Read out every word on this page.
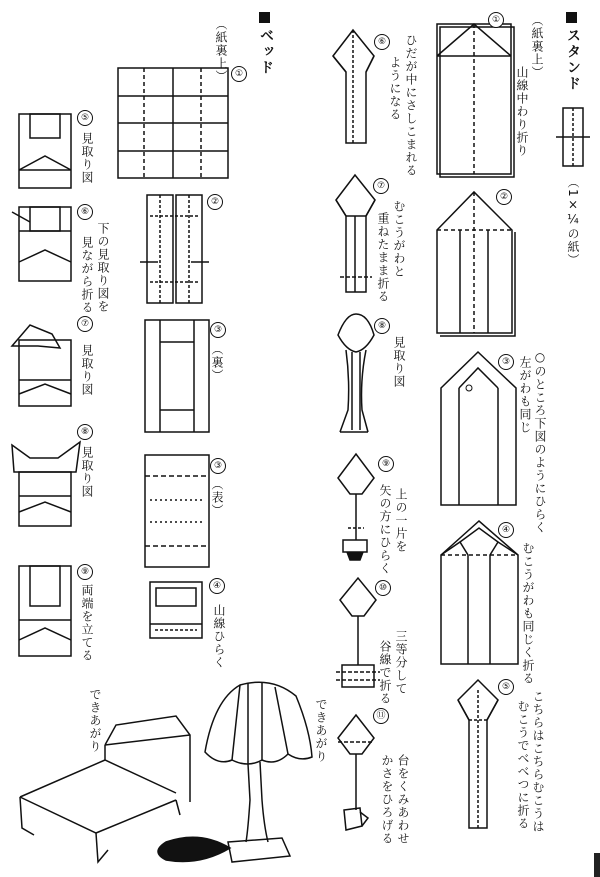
スタンド
ベッド
①	（紙裏上）
山線中わり折り
（1×¼の紙）
②
③	○のところ下図のようにひらく
左がわも同じ
④
むこうがわも同じく折る
⑤
こちらはこちらむこうは
むこうでべべつに折る
⑥	ひだが中にさしこまれる
ようになる
⑦
むこうがわと
重ねたまま折る
⑧
見取り図
⑨
上の一片を
矢の方にひらく
⑩
三等分して
谷線で折る
⑪
台をくみあわせ
かさをひろげる
できあがり
（紙裏上） ①
②
③
（裏）
③
（表）
④
山線ひらく
⑤
見取り図
⑥
下の見取り図を
見ながら折る
⑦
見取り図
⑧
見取り図
⑨
両端を立てる
できあがり
